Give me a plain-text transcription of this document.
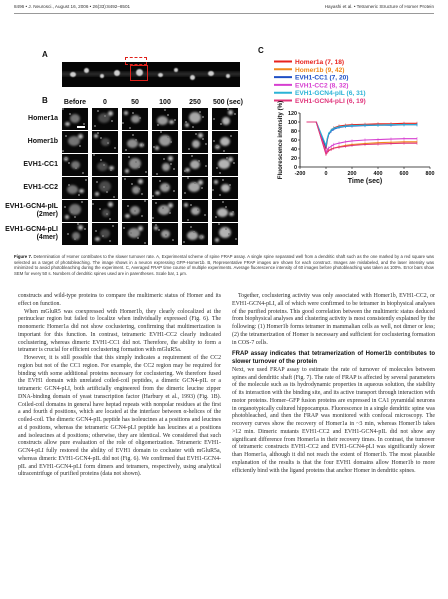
8496 • J. Neurosci., August 16, 2006 • 26(33):8492–8501	Hayashi et al. • Tetrameric Structure of Homer Protein
A
B
C
Before	0	50	100	250	500 (sec)
Homer1a
Homer1b
EVH1-CC1
EVH1-CC2
EVH1-GCN4-pIL
(2mer)
EVH1-GCN4-pLI
(4mer)
Homer1a (7, 18)
Homer1b (9, 42)
EVH1-CC1 (7, 20)
EVH1-CC2 (8, 32)
EVH1-GCN4-pIL (6, 31)
EVH1-GCN4-pLI (6, 19)
0
20
40
60
80
100
120
-200	0	200	400	600	800
Time (sec)
Fluorescence intensity (%)
Figure 7. Determination of Homer contributes to the slower turnover rate. A, Experimental scheme of spine FRAP assay. A single spine separated well from a dendritic shaft such as the one marked by a red square was selected as a target of photobleaching. The image shows in a neuron expressing GFP-Homer1b. B, Representative FRAP images are shown for each construct. Images are mislabeled, and the laser intensity was minimized to avoid photobleaching during the experiment. C, Averaged FRAP time course of multiple experiments. Average fluorescence intensity of 60 images before photobleaching was taken as 100%. Error bars show SEM for every 50 s. Numbers of dendritic spines used are in parentheses. Scale bar, 1 μm.

constructs and wild-type proteins to compare the multimeric status of Homer and its effect on function.

When mGluR5 was coexpressed with Homer1b, they clearly colocalized at the perinuclear region but failed to localize when individually expressed (Fig. 6). The monomeric Homer1a did not show coclustering, confirming that multimerization is important for this function. In contrast, tetrameric EVH1-CC2 clearly indicated coclustering, whereas dimeric EVH1-CC1 did not. Therefore, the ability to form a tetramer is crucial for efficient coclustering formation with mGluR5a.

However, it is still possible that this simply indicates a requirement of the CC2 region but not of the CC1 region. For example, the CC2 region may be required for binding with some additional proteins necessary for coclustering. We therefore fused the EVH1 domain with unrelated coiled-coil peptides, a dimeric GCN4-pIL or a tetrameric GCN4-pLI, both artificially engineered from the dimeric leucine zipper DNA-binding domain of yeast transcription factor (Harbury et al., 1993) (Fig. 1B). Coiled-coil domains in general have heptad repeats with nonpolar residues at the first a and fourth d positions, which are located at the interface between α-helices of the coiled-coil. The dimeric GCN4-pIL peptide has isoleucines at a positions and leucines at d positions, whereas the tetrameric GCN4-pLI peptide has leucines at a positions and isoleucines at d positions; otherwise, they are identical. We considered that such constructs allow pure evaluation of the role of oligomerization. Tetrameric EVH1-GCN4-pLI fully restored the ability of EVH1 domain to cocluster with mGluR5a, whereas dimeric EVH1-GCN4-pIL did not (Fig. 6). We confirmed that EVH1-GCN4-pIL and EVH1-GCN4-pLI form dimers and tetramers, respectively, using analytical ultracentrifuge of purified proteins (data not shown).

Together, coclustering activity was only associated with Homer1b, EVH1-CC2, or EVH1-GCN4-pLI, all of which were confirmed to be tetramer in biophysical analyses of the purified proteins. This good correlation between the multimeric status deduced from biophysical analyses and clustering activity is most consistently explained by the following: (1) Homer1b forms tetramer in mammalian cells as well, not dimer or less; (2) the tetramerization of Homer is necessary and sufficient for coclustering formation in COS-7 cells.

FRAP assay indicates that tetramerization of Homer1b contributes to slower turnover of the protein

Next, we used FRAP assay to estimate the rate of turnover of molecules between spines and dendritic shaft (Fig. 7). The rate of FRAP is affected by several parameters of the molecule such as its hydrodynamic properties in aqueous solution, the stability of its interaction with the binding site, and its active transport through interaction with motor proteins. Homer–GFP fusion proteins are expressed in CA1 pyramidal neurons in organotypically cultured hippocampus. Fluorescence in a single dendritic spine was photobleached, and then the FRAP was monitored with confocal microscopy. The recovery curves show the recovery of Homer1a in ~3 min, whereas Homer1b takes >12 min. Dimeric mutants EVH1-CC2 and EVH1-GCN4-pIL did not show any significant difference from Homer1a in their recovery times. In contrast, the turnover of tetrameric constructs EVH1-CC2 and EVH1-GCN4-pLI was significantly slower than Homer1a, although it did not reach the extent of Homer1b. The most plausible explanation of the results is that the four EVH1 domains allow Homer1b to more efficiently bind with the ligand proteins that anchor Homer in dendritic spines.
